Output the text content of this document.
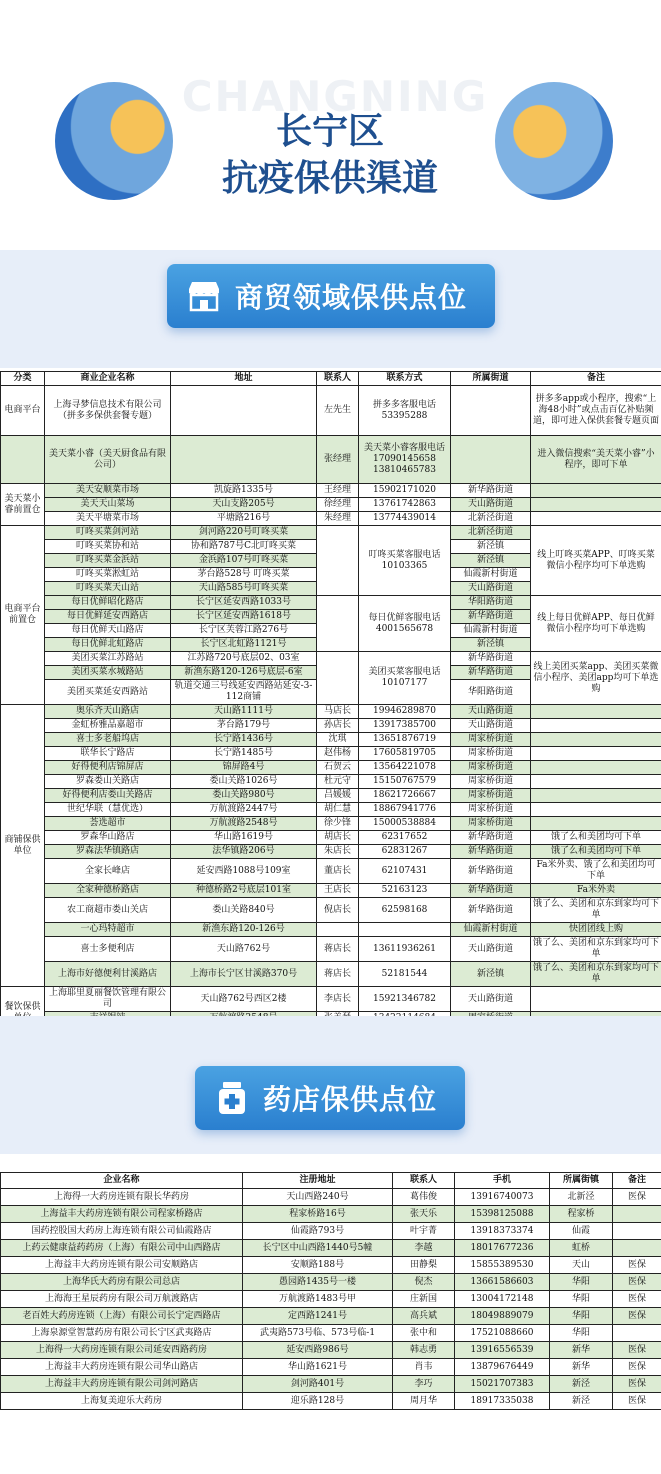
CHANGNING
长宁区
抗疫保供渠道
商贸领域保供点位
分类	商业企业名称	地址	联系人	联系方式	所属街道	备注
电商平台	上海寻梦信息技术有限公司（拼多多保供套餐专题）		左先生	拼多多客服电话 53395288		拼多多app或小程序，搜索“上海48小时”或点击百亿补贴频道，即可进入保供套餐专题页面
	美天菜小睿（美天厨食品有限公司）		张经理	美天菜小睿客服电话 17090145658 13810465783		进入微信搜索“美天菜小睿”小程序，即可下单
美天菜小睿前置仓	美天安顺菜市场	凯旋路1335号	王经理	15902171020	新华路街道	
	美天天山菜场	天山支路205号	徐经理	13761742863	天山路街道	
	美天平塘菜市场	平塘路216号	朱经理	13774439014	北新泾街道	
电商平台前置仓	叮咚买菜剑河站	剑河路220号叮咚买菜		叮咚买菜客服电话 10103365	北新泾街道	线上叮咚买菜APP、叮咚买菜微信小程序均可下单选购
	叮咚买菜协和站	协和路787号C北叮咚买菜			新泾镇	
	叮咚买菜金浜站	金浜路107号叮咚买菜			新泾镇	
	叮咚买菜淞虹站	茅台路528号 叮咚买菜			仙霞新村街道	
	叮咚买菜天山站	天山路585号叮咚买菜			天山路街道	
	每日优鲜昭化路店	长宁区延安西路1033号		每日优鲜客服电话 4001565678	华阳路街道	线上每日优鲜APP、每日优鲜微信小程序均可下单选购
	每日优鲜延安西路店	长宁区延安西路1618号			新华路街道	
	每日优鲜天山路店	长宁区芙蓉江路276号			仙霞新村街道	
	每日优鲜北虹路店	长宁区北虹路1121号			新泾镇	
	美团买菜江苏路站	江苏路720号底层02、03室		美团买菜客服电话 10107177	新华路街道	线上美团买菜app、美团买菜微信小程序、美团app均可下单选购
	美团买菜水城路站	新渔东路120-126号底层-6室			新华路街道	
	美团买菜延安西路站	轨道交通三号线延安西路站延安-3-112商铺			华阳路街道	
商铺保供单位	奥乐齐天山路店	天山路1111号	马店长	19946289870	天山路街道	
	金虹桥雅品嘉超市	茅台路179号	孙店长	13917385700	天山路街道	
	喜士多老船坞店	长宁路1436号	沈琪	13651876719	周家桥街道	
	联华长宁路店	长宁路1485号	赵伟杨	17605819705	周家桥街道	
	好得便利店锦屏店	锦屏路4号	石贺云	13564221078	周家桥街道	
	罗森娄山关路店	娄山关路1026号	杜元守	15150767579	周家桥街道	
	好得便利店娄山关路店	娄山关路980号	吕媛媛	18621726667	周家桥街道	
	世纪华联（慧优选）	万航渡路2447号	胡仁慧	18867941776	周家桥街道	
	荟选超市	万航渡路2548号	徐少锋	15000538884	周家桥街道	
	罗森华山路店	华山路1619号	胡店长	62317652	新华路街道	饿了么和美团均可下单
	罗森法华镇路店	法华镇路206号	朱店长	62831267	新华路街道	饿了么和美团均可下单
	全家长峰店	延安西路1088号109室	董店长	62107431	新华路街道	Fa米外卖、饿了么和美团均可下单
	全家种德桥路店	种德桥路2号底层101室	王店长	52163123	新华路街道	Fa米外卖
	农工商超市娄山关店	娄山关路840号	倪店长	62598168	新华路街道	饿了么、美团和京东到家均可下单
	一心玛特超市	新渔东路120-126号			仙霞新村街道	快团团线上购
	喜士多便利店	天山路762号	蒋店长	13611936261	天山路街道	饿了么、美团和京东到家均可下单
	上海市好德便利甘溪路店	上海市长宁区甘溪路370号	蒋店长	52181544	新泾镇	饿了么、美团和京东到家均可下单
餐饮保供	上海耶里夏丽餐饮管理有限公司	天山路762号西区2楼	李店长	15921346782	天山路街道	

药店保供点位
企业名称	注册地址	联系人	手机	所属街镇	备注
上海得一大药房连锁有限长华药房	天山西路240号	葛伟俊	13916740073	北新泾	医保
上海益丰大药房连锁有限公司程家桥路店	程家桥路16号	张天乐	15398125088	程家桥	
国药控股国大药房上海连锁有限公司仙霞路店	仙霞路793号	叶宇菁	13918373374	仙霞	
上药云健康益药药房（上海）有限公司中山西路店	长宁区中山西路1440号5幢	李越	18017677236	虹桥	
上海益丰大药房连锁有限公司安顺路店	安顺路188号	田静梨	15855389530	天山	医保
上海华氏大药房有限公司总店	愚园路1435号一楼	倪杰	13661586603	华阳	医保
上海海王星辰药房有限公司万航渡路店	万航渡路1483号甲	庄新国	13004172148	华阳	医保
老百姓大药房连锁（上海）有限公司长宁定西路店	定西路1241号	高兵斌	18049889079	华阳	医保
上海泉源堂智慧药房有限公司长宁区武夷路店	武夷路573号临、573号临-1	张中和	17521088660	华阳	
上海得一大药房连锁有限公司延安西路药房	延安西路986号	韩志勇	13916556539	新华	医保
上海益丰大药房连锁有限公司华山路店	华山路1621号	肖韦	13879676449	新华	医保
上海益丰大药房连锁有限公司剑河路店	剑河路401号	李巧	15021707383	新泾	医保
上海复美迎乐大药房	迎乐路128号	周月华	18917335038	新泾	医保
